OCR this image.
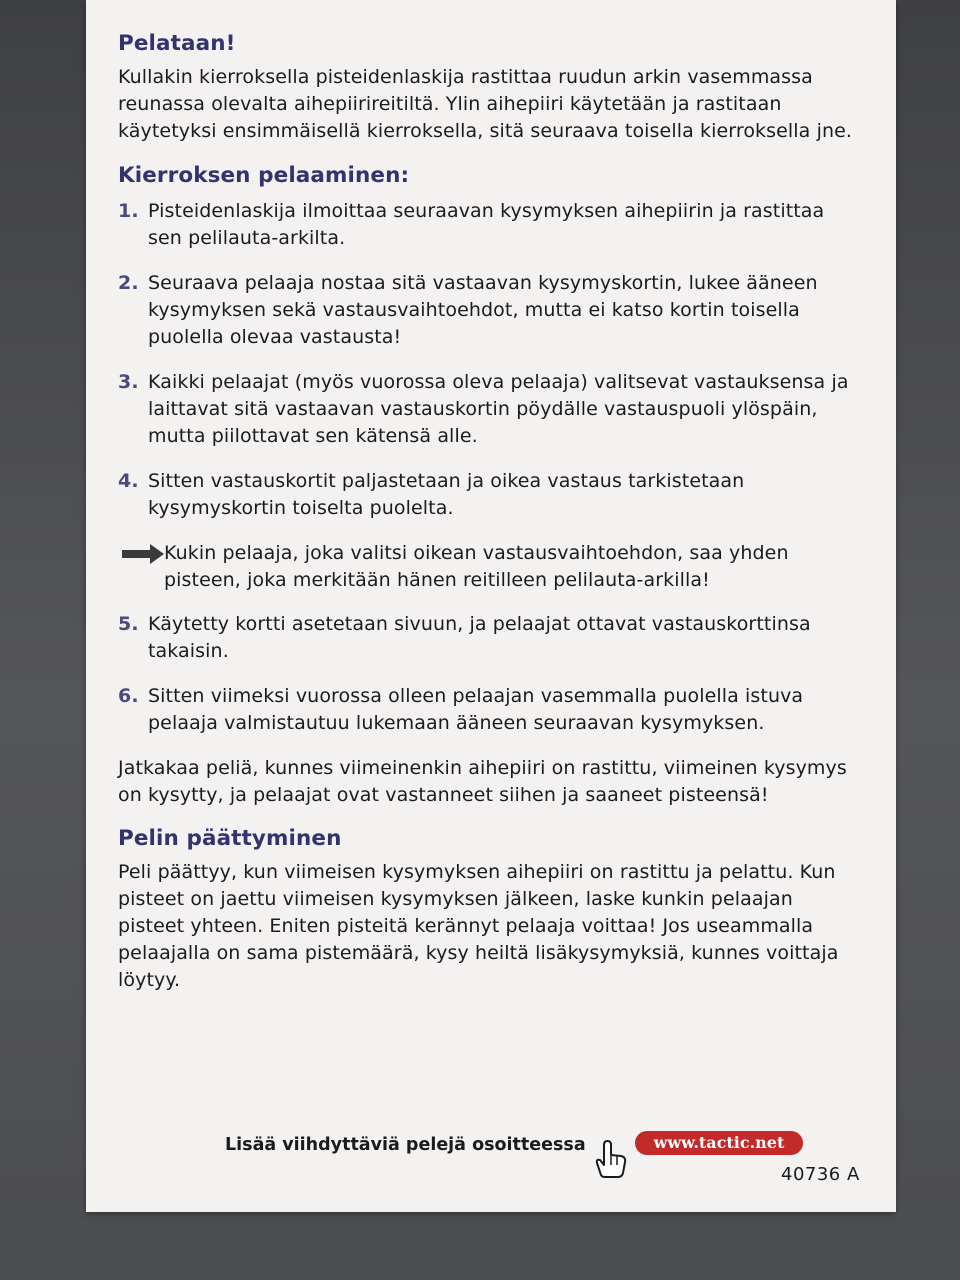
Pelataan!

Kullakin kierroksella pisteidenlaskija rastittaa ruudun arkin vasemmassa reunassa olevalta aihepiirireitiltä. Ylin aihepiiri käytetään ja rastitaan käytetyksi ensimmäisellä kierroksella, sitä seuraava toisella kierroksella jne.

Kierroksen pelaaminen:
1. Pisteidenlaskija ilmoittaa seuraavan kysymyksen aihepiirin ja rastittaa sen pelilauta-arkilta.
2. Seuraava pelaaja nostaa sitä vastaavan kysymyskortin, lukee ääneen kysymyksen sekä vastausvaihtoehdot, mutta ei katso kortin toisella puolella olevaa vastausta!
3. Kaikki pelaajat (myös vuorossa oleva pelaaja) valitsevat vastauksensa ja laittavat sitä vastaavan vastauskortin pöydälle vastauspuoli ylöspäin, mutta piilottavat sen kätensä alle.
4. Sitten vastauskortit paljastetaan ja oikea vastaus tarkistetaan kysymyskortin toiselta puolelta.
Kukin pelaaja, joka valitsi oikean vastausvaihtoehdon, saa yhden pisteen, joka merkitään hänen reitilleen pelilauta-arkilla!
5. Käytetty kortti asetetaan sivuun, ja pelaajat ottavat vastauskorttinsa takaisin.
6. Sitten viimeksi vuorossa olleen pelaajan vasemmalla puolella istuva pelaaja valmistautuu lukemaan ääneen seuraavan kysymyksen.

Jatkakaa peliä, kunnes viimeinenkin aihepiiri on rastittu, viimeinen kysymys on kysytty, ja pelaajat ovat vastanneet siihen ja saaneet pisteensä!

Pelin päättyminen

Peli päättyy, kun viimeisen kysymyksen aihepiiri on rastittu ja pelattu. Kun pisteet on jaettu viimeisen kysymyksen jälkeen, laske kunkin pelaajan pisteet yhteen. Eniten pisteitä kerännyt pelaaja voittaa! Jos useammalla pelaajalla on sama pistemäärä, kysy heiltä lisäkysymyksiä, kunnes voittaja löytyy.

Lisää viihdyttäviä pelejä osoitteessa	www.tactic.net
40736 A
